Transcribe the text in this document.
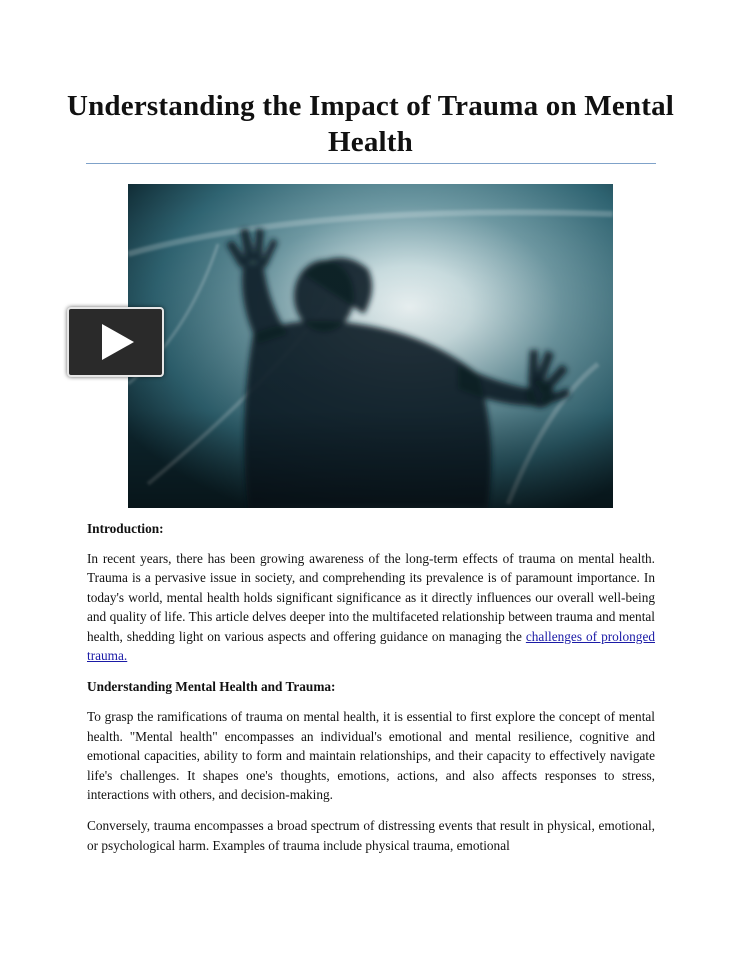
Understanding the Impact of Trauma on Mental Health
Introduction:

In recent years, there has been growing awareness of the long-term effects of trauma on mental health. Trauma is a pervasive issue in society, and comprehending its prevalence is of paramount importance. In today's world, mental health holds significant significance as it directly influences our overall well-being and quality of life. This article delves deeper into the multifaceted relationship between trauma and mental health, shedding light on various aspects and offering guidance on managing the challenges of prolonged trauma.

Understanding Mental Health and Trauma:

To grasp the ramifications of trauma on mental health, it is essential to first explore the concept of mental health. "Mental health" encompasses an individual's emotional and mental resilience, cognitive and emotional capacities, ability to form and maintain relationships, and their capacity to effectively navigate life's challenges. It shapes one's thoughts, emotions, actions, and also affects responses to stress, interactions with others, and decision-making.

Conversely, trauma encompasses a broad spectrum of distressing events that result in physical, emotional, or psychological harm. Examples of trauma include physical trauma, emotional
